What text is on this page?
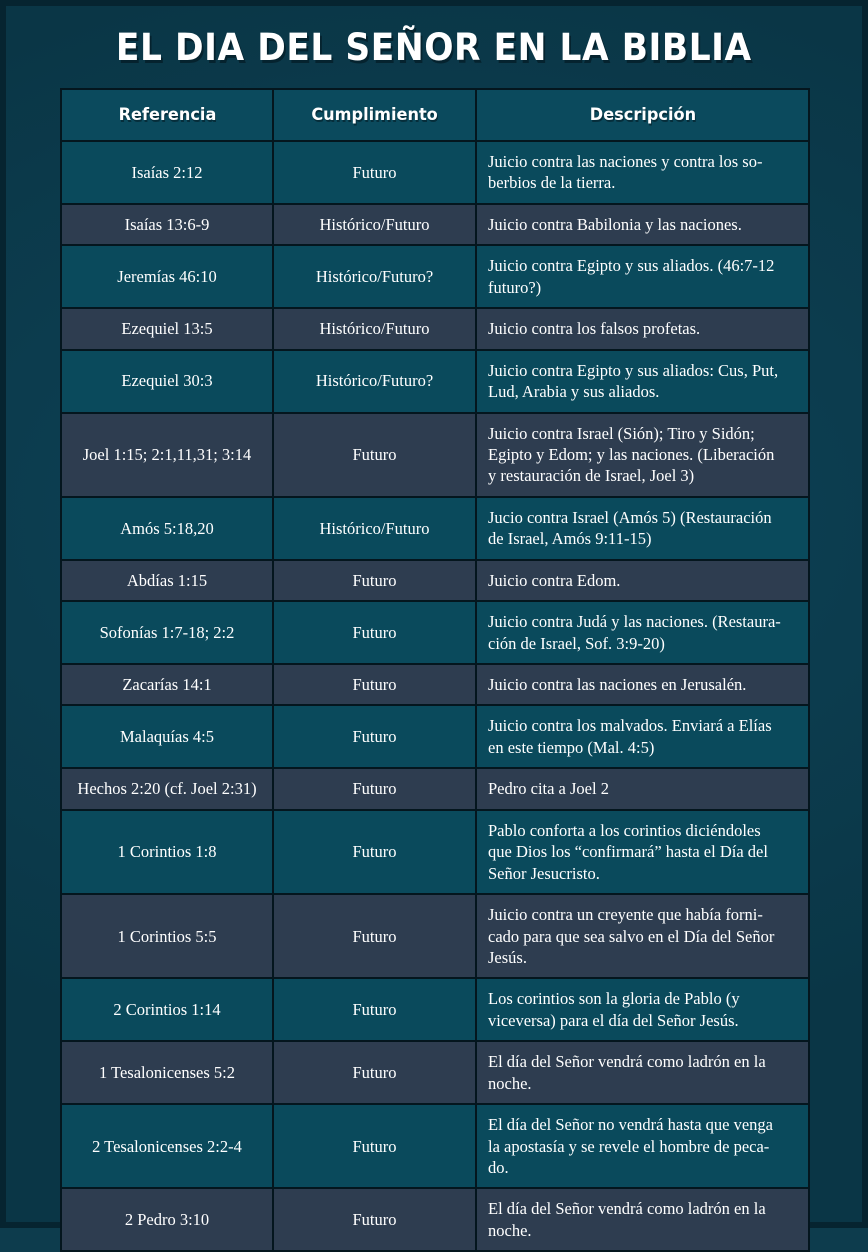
EL DIA DEL SEÑOR EN LA BIBLIA
Referencia	Cumplimiento	Descripción
Isaías 2:12	Futuro	Juicio contra las naciones y contra los so-
berbios de la tierra.

Isaías 13:6-9	Histórico/Futuro	Juicio contra Babilonia y las naciones.

Jeremías 46:10	Histórico/Futuro?	Juicio contra Egipto y sus aliados. (46:7-12
futuro?)

Ezequiel 13:5	Histórico/Futuro	Juicio contra los falsos profetas.

Ezequiel 30:3	Histórico/Futuro?	Juicio contra Egipto y sus aliados: Cus, Put,
Lud, Arabia y sus aliados.

Joel 1:15; 2:1,11,31; 3:14	Futuro	Juicio contra Israel (Sión); Tiro y Sidón;
Egipto y Edom; y las naciones. (Liberación
y restauración de Israel, Joel 3)

Amós 5:18,20	Histórico/Futuro	Jucio contra Israel (Amós 5) (Restauración
de Israel, Amós 9:11-15)

Abdías 1:15	Futuro	Juicio contra Edom.

Sofonías 1:7-18; 2:2	Futuro	Juicio contra Judá y las naciones. (Restaura-
ción de Israel, Sof. 3:9-20)

Zacarías 14:1	Futuro	Juicio contra las naciones en Jerusalén.

Malaquías 4:5	Futuro	Juicio contra los malvados. Enviará a Elías
en este tiempo (Mal. 4:5)

Hechos 2:20 (cf. Joel 2:31)	Futuro	Pedro cita a Joel 2

1 Corintios 1:8	Futuro	Pablo conforta a los corintios diciéndoles
que Dios los “confirmará” hasta el Día del
Señor Jesucristo.

1 Corintios 5:5	Futuro	Juicio contra un creyente que había forni-
cado para que sea salvo en el Día del Señor
Jesús.

2 Corintios 1:14	Futuro	Los corintios son la gloria de Pablo (y
viceversa) para el día del Señor Jesús.

1 Tesalonicenses 5:2	Futuro	El día del Señor vendrá como ladrón en la
noche.

2 Tesalonicenses 2:2-4	Futuro	El día del Señor no vendrá hasta que venga
la apostasía y se revele el hombre de peca-
do.

2 Pedro 3:10	Futuro	El día del Señor vendrá como ladrón en la
noche.
